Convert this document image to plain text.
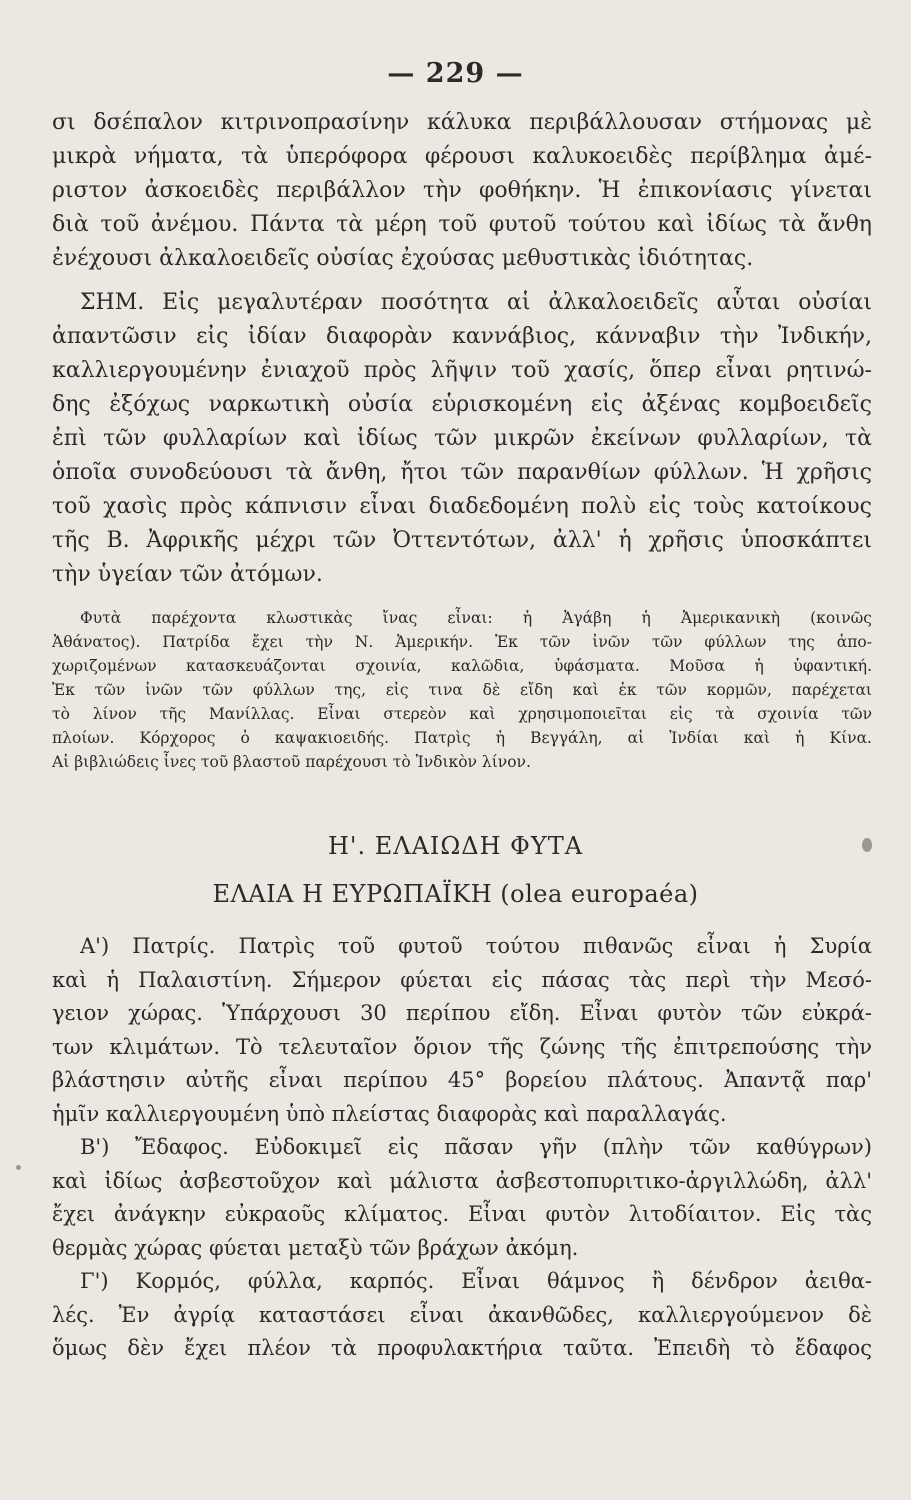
— 229 —
σι δσέπαλον κιτρινοπρασίνην κάλυκα περιβάλλουσαν στήμονας μὲ
μικρὰ νήματα, τὰ ὑπερόφορα φέρουσι καλυκοειδὲς περίβλημα ἀμέ-
ριστον ἀσκοειδὲς περιβάλλον τὴν φοθήκην. Ἡ ἐπικονίασις γίνεται
διὰ τοῦ ἀνέμου. Πάντα τὰ μέρη τοῦ φυτοῦ τούτου καὶ ἰδίως τὰ ἄνθη
ἐνέχουσι ἀλκαλοειδεῖς οὐσίας ἐχούσας μεθυστικὰς ἰδιότητας.
ΣΗΜ. Εἰς μεγαλυτέραν ποσότητα αἱ ἀλκαλοειδεῖς αὗται οὐσίαι
ἀπαντῶσιν εἰς ἰδίαν διαφορὰν καννάβιος, κάνναβιν τὴν Ἰνδικήν,
καλλιεργουμένην ἐνιαχοῦ πρὸς λῆψιν τοῦ χασίς, ὅπερ εἶναι ρητινώ-
δης ἐξόχως ναρκωτικὴ οὐσία εὑρισκομένη εἰς ἀξένας κομβοειδεῖς
ἐπὶ τῶν φυλλαρίων καὶ ἰδίως τῶν μικρῶν ἐκείνων φυλλαρίων, τὰ
ὁποῖα συνοδεύουσι τὰ ἄνθη, ἤτοι τῶν παρανθίων φύλλων. Ἡ χρῆσις
τοῦ χασὶς πρὸς κάπνισιν εἶναι διαδεδομένη πολὺ εἰς τοὺς κατοίκους
τῆς Β. Ἀφρικῆς μέχρι τῶν Ὀττεντότων, ἀλλ' ἡ χρῆσις ὑποσκάπτει
τὴν ὑγείαν τῶν ἀτόμων.
Φυτὰ παρέχοντα κλωστικὰς ἴνας εἶναι: ἡ Ἀγάβη ἡ Ἀμερικανικὴ (κοινῶς
Ἀθάνατος). Πατρίδα ἔχει τὴν Ν. Ἀμερικήν. Ἐκ τῶν ἰνῶν τῶν φύλλων της ἀπο-
χωριζομένων κατασκευάζονται σχοινία, καλῶδια, ὑφάσματα. Μοῦσα ἡ ὑφαντική.
Ἐκ τῶν ἰνῶν τῶν φύλλων της, εἰς τινα δὲ εἴδη καὶ ἐκ τῶν κορμῶν, παρέχεται
τὸ λίνον τῆς Μανίλλας. Εἶναι στερεὸν καὶ χρησιμοποιεῖται εἰς τὰ σχοινία τῶν
πλοίων. Κόρχορος ὁ καψακιοειδής. Πατρὶς ἡ Βεγγάλη, αἱ Ἰνδίαι καὶ ἡ Κίνα.
Αἱ βιβλιώδεις ἶνες τοῦ βλαστοῦ παρέχουσι τὸ Ἰνδικὸν λίνον.
Η'. ΕΛΑΙΩΔΗ ΦΥΤΑ
ΕΛΑΙΑ Η ΕΥΡΩΠΑΪΚΗ (olea europaéa)
Α') Πατρίς. Πατρὶς τοῦ φυτοῦ τούτου πιθανῶς εἶναι ἡ Συρία
καὶ ἡ Παλαιστίνη. Σήμερον φύεται εἰς πάσας τὰς περὶ τὴν Μεσό-
γειον χώρας. Ὑπάρχουσι 30 περίπου εἴδη. Εἶναι φυτὸν τῶν εὐκρά-
των κλιμάτων. Τὸ τελευταῖον ὅριον τῆς ζώνης τῆς ἐπιτρεπούσης τὴν
βλάστησιν αὐτῆς εἶναι περίπου 45° βορείου πλάτους. Ἀπαντᾷ παρ'
ἡμῖν καλλιεργουμένη ὑπὸ πλείστας διαφορὰς καὶ παραλλαγάς.
Β') Ἔδαφος. Εὐδοκιμεῖ εἰς πᾶσαν γῆν (πλὴν τῶν καθύγρων)
καὶ ἰδίως ἀσβεστοῦχον καὶ μάλιστα ἀσβεστοπυριτικο-ἀργιλλώδη, ἀλλ'
ἔχει ἀνάγκην εὐκραοῦς κλίματος. Εἶναι φυτὸν λιτοδίαιτον. Εἰς τὰς
θερμὰς χώρας φύεται μεταξὺ τῶν βράχων ἀκόμη.
Γ') Κορμός, φύλλα, καρπός. Εἶναι θάμνος ἢ δένδρον ἀειθα-
λές. Ἐν ἀγρίᾳ καταστάσει εἶναι ἀκανθῶδες, καλλιεργούμενον δὲ
ὅμως δὲν ἔχει πλέον τὰ προφυλακτήρια ταῦτα. Ἐπειδὴ τὸ ἔδαφος
